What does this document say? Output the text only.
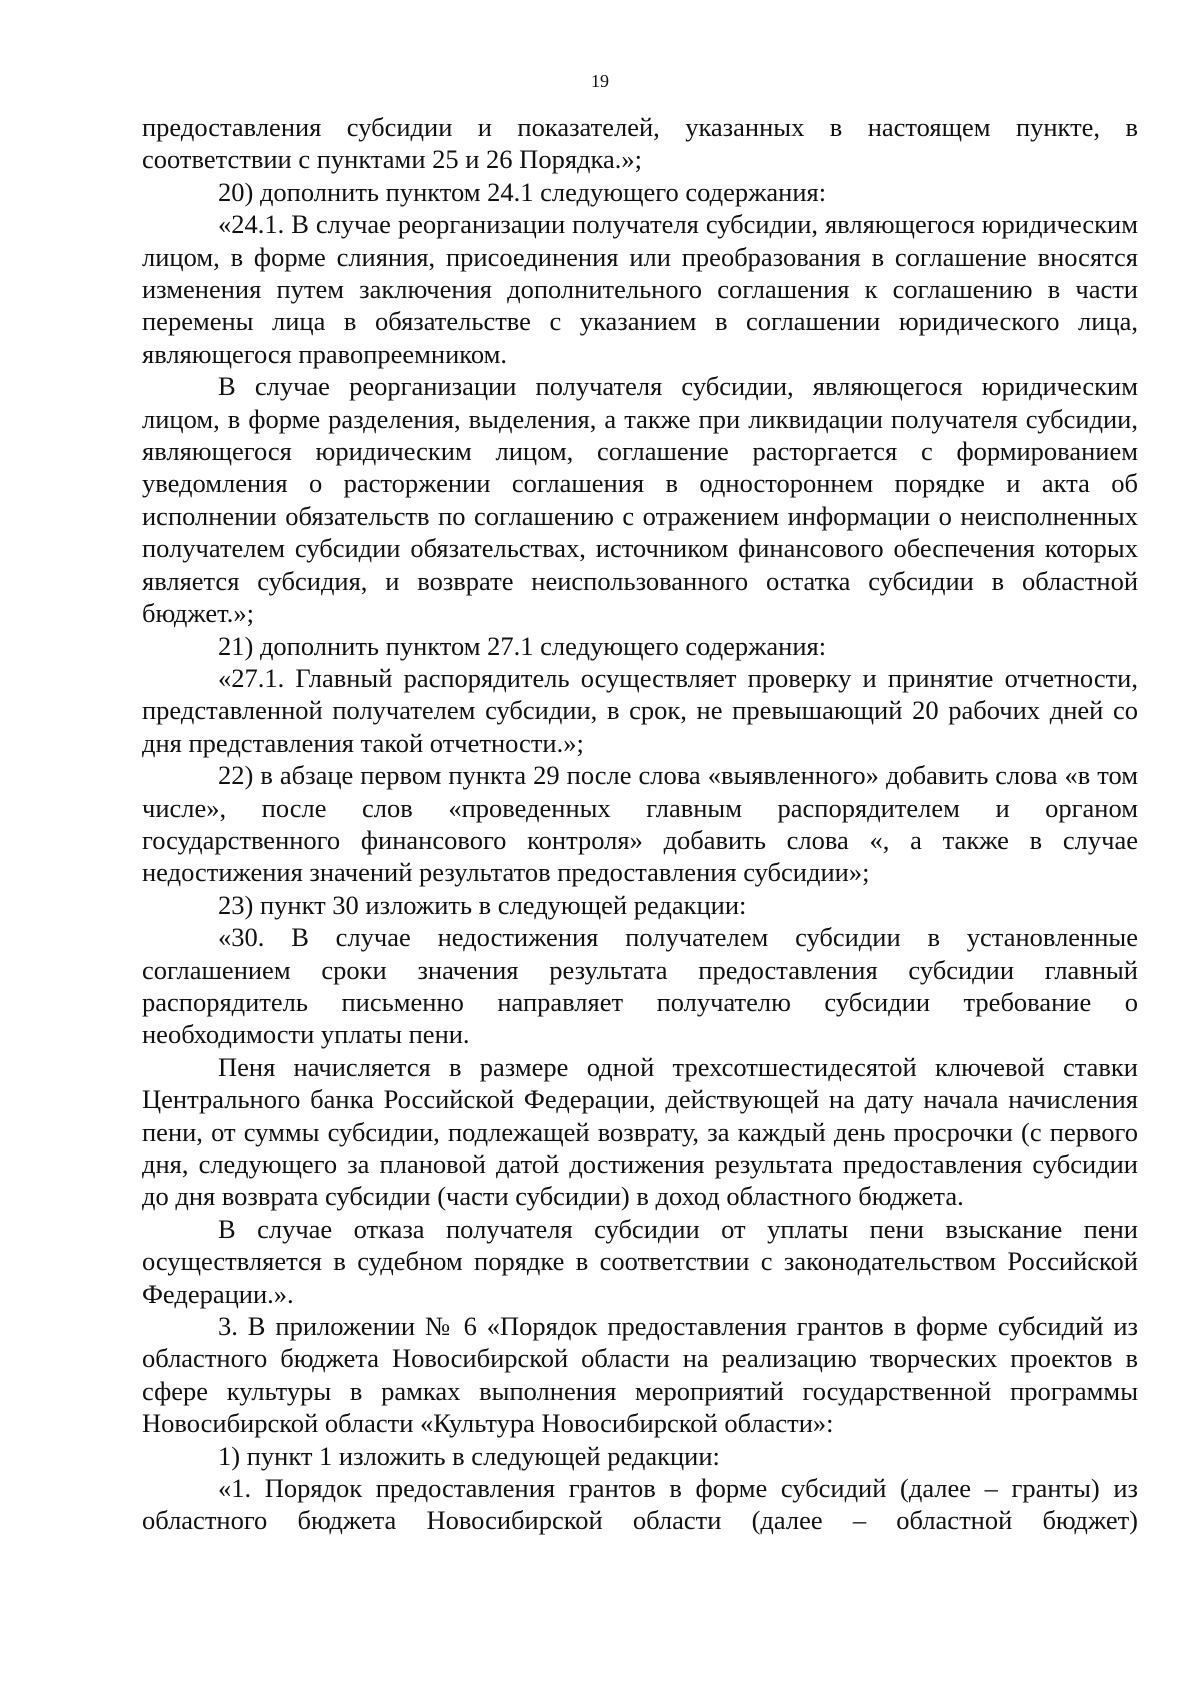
19

предоставления субсидии и показателей, указанных в настоящем пункте, в соответствии с пунктами 25 и 26 Порядка.»;

20) дополнить пунктом 24.1 следующего содержания:

«24.1. В случае реорганизации получателя субсидии, являющегося юридическим лицом, в форме слияния, присоединения или преобразования в соглашение вносятся изменения путем заключения дополнительного соглашения к соглашению в части перемены лица в обязательстве с указанием в соглашении юридического лица, являющегося правопреемником.

В случае реорганизации получателя субсидии, являющегося юридическим лицом, в форме разделения, выделения, а также при ликвидации получателя субсидии, являющегося юридическим лицом, соглашение расторгается с формированием уведомления о расторжении соглашения в одностороннем порядке и акта об исполнении обязательств по соглашению с отражением информации о неисполненных получателем субсидии обязательствах, источником финансового обеспечения которых является субсидия, и возврате неиспользованного остатка субсидии в областной бюджет.»;

21) дополнить пунктом 27.1 следующего содержания:

«27.1. Главный распорядитель осуществляет проверку и принятие отчетности, представленной получателем субсидии, в срок, не превышающий 20 рабочих дней со дня представления такой отчетности.»;

22) в абзаце первом пункта 29 после слова «выявленного» добавить слова «в том числе», после слов «проведенных главным распорядителем и органом государственного финансового контроля» добавить слова «, а также в случае недостижения значений результатов предоставления субсидии»;

23) пункт 30 изложить в следующей редакции:

«30. В случае недостижения получателем субсидии в установленные соглашением сроки значения результата предоставления субсидии главный распорядитель письменно направляет получателю субсидии требование о необходимости уплаты пени.

Пеня начисляется в размере одной трехсотшестидесятой ключевой ставки Центрального банка Российской Федерации, действующей на дату начала начисления пени, от суммы субсидии, подлежащей возврату, за каждый день просрочки (с первого дня, следующего за плановой датой достижения результата предоставления субсидии до дня возврата субсидии (части субсидии) в доход областного бюджета.

В случае отказа получателя субсидии от уплаты пени взыскание пени осуществляется в судебном порядке в соответствии с законодательством Российской Федерации.».

3. В приложении № 6 «Порядок предоставления грантов в форме субсидий из областного бюджета Новосибирской области на реализацию творческих проектов в сфере культуры в рамках выполнения мероприятий государственной программы Новосибирской области «Культура Новосибирской области»:

1) пункт 1 изложить в следующей редакции:

«1. Порядок предоставления грантов в форме субсидий (далее – гранты) из областного бюджета Новосибирской области (далее – областной бюджет)
